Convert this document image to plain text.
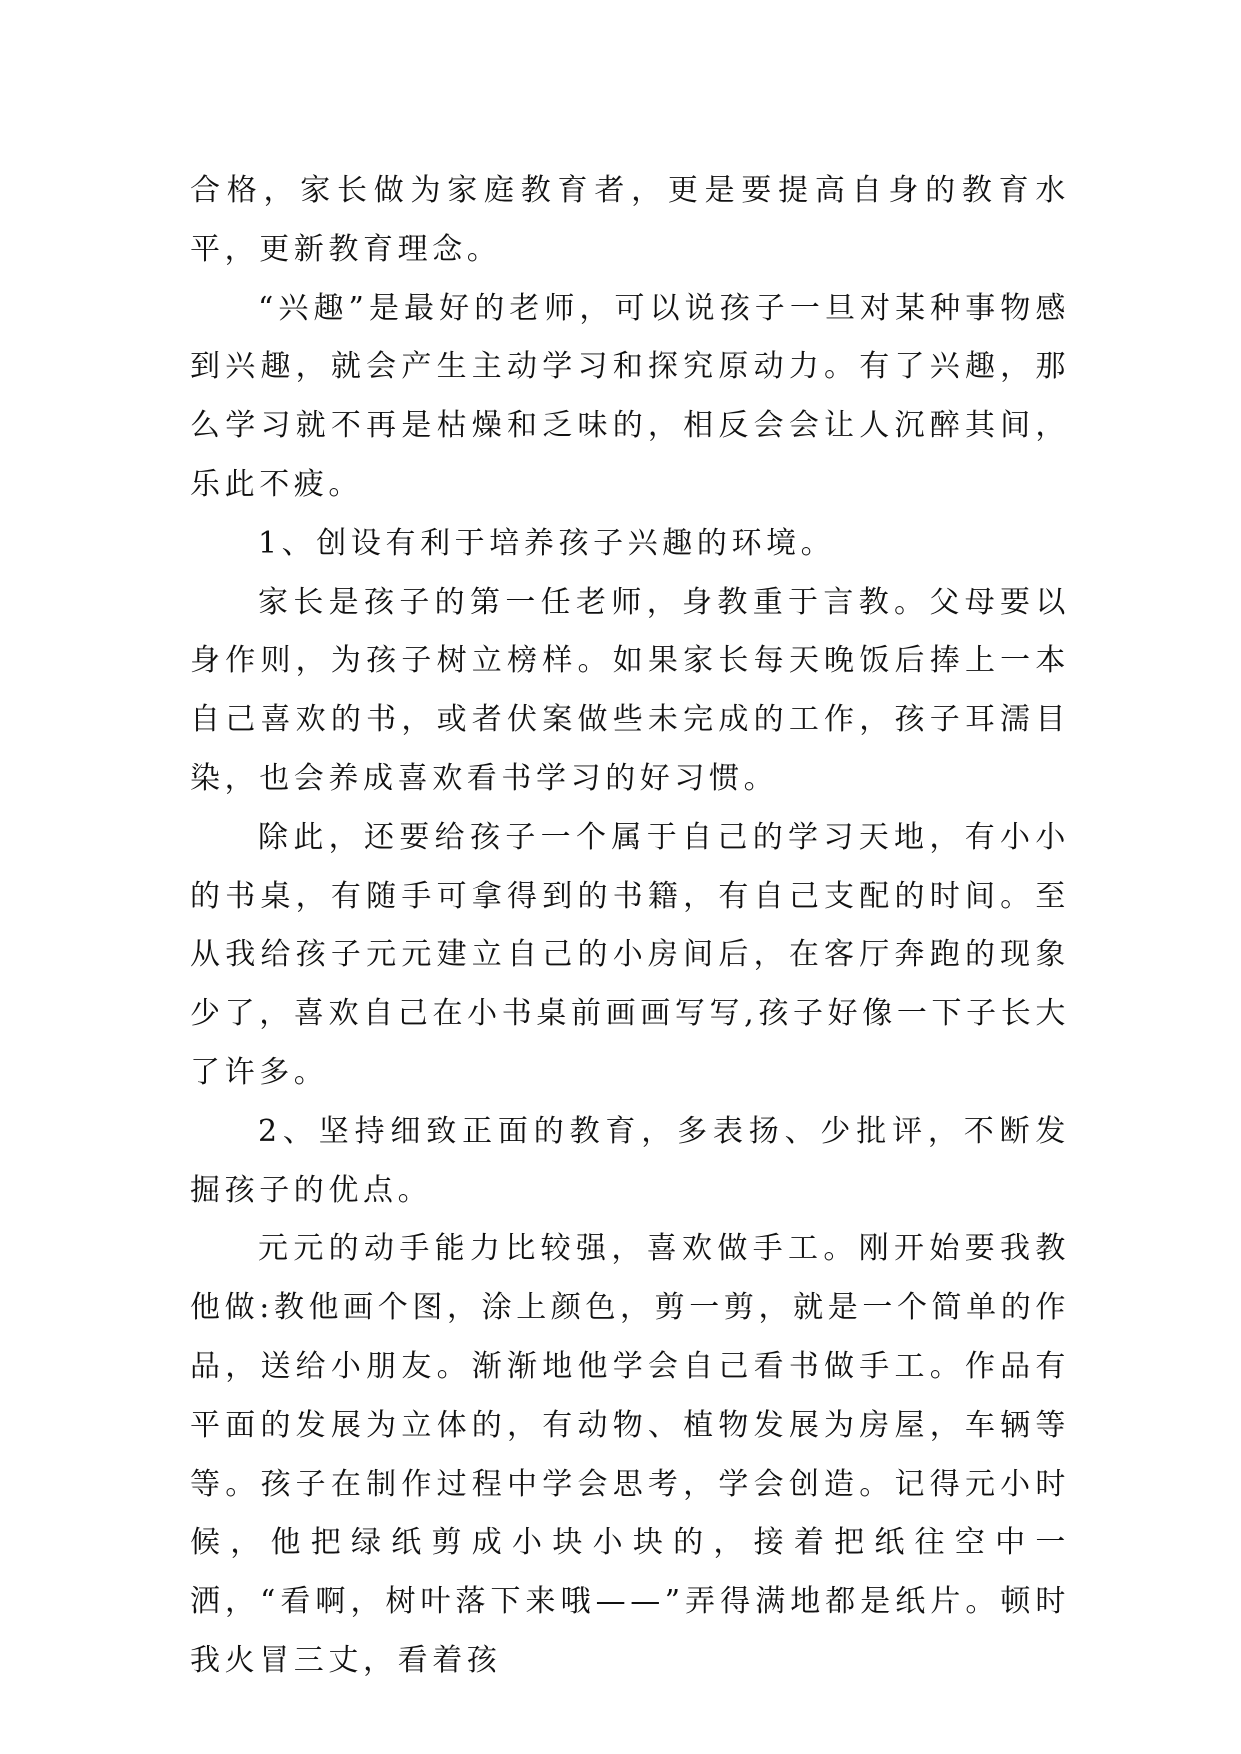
合格，家长做为家庭教育者，更是要提高自身的教育水平，更新教育理念。

“兴趣”是最好的老师，可以说孩子一旦对某种事物感到兴趣，就会产生主动学习和探究原动力。有了兴趣，那么学习就不再是枯燥和乏味的，相反会会让人沉醉其间，乐此不疲。

1、创设有利于培养孩子兴趣的环境。

家长是孩子的第一任老师，身教重于言教。父母要以身作则，为孩子树立榜样。如果家长每天晚饭后捧上一本自己喜欢的书，或者伏案做些未完成的工作，孩子耳濡目染，也会养成喜欢看书学习的好习惯。

除此，还要给孩子一个属于自己的学习天地，有小小的书桌，有随手可拿得到的书籍，有自己支配的时间。至从我给孩子元元建立自己的小房间后，在客厅奔跑的现象少了，喜欢自己在小书桌前画画写写,孩子好像一下子长大了许多。

2、坚持细致正面的教育，多表扬、少批评，不断发掘孩子的优点。

元元的动手能力比较强，喜欢做手工。刚开始要我教他做:教他画个图，涂上颜色，剪一剪，就是一个简单的作品，送给小朋友。渐渐地他学会自己看书做手工。作品有平面的发展为立体的，有动物、植物发展为房屋，车辆等等。孩子在制作过程中学会思考，学会创造。记得元小时候，他把绿纸剪成小块小块的，接着把纸往空中一洒，“看啊，树叶落下来哦——”弄得满地都是纸片。顿时我火冒三丈，看着孩
